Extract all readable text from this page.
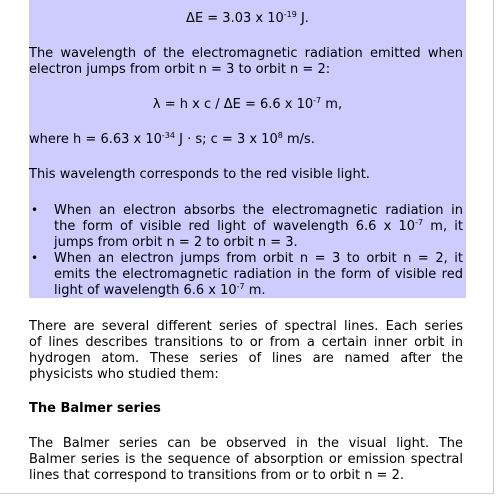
ΔE = 3.03 x $10^{-19}$ J.
The wavelength of the electromagnetic radiation emitted when
electron jumps from orbit n = 3 to orbit n = 2:
λ = h x c / ΔE = 6.6 x $10^{-7}$ m,
where h = 6.63 x $10^{-34}$ J · s; c = 3 x $10^8$ m/s.
This wavelength corresponds to the red visible light.
• When an electron absorbs the electromagnetic radiation in
the form of visible red light of wavelength 6.6 x $10^{-7}$ m, it
jumps from orbit n = 2 to orbit n = 3.
• When an electron jumps from orbit n = 3 to orbit n = 2, it
emits the electromagnetic radiation in the form of visible red
light of wavelength 6.6 x $10^{-7}$ m.
There are several different series of spectral lines. Each series
of lines describes transitions to or from a certain inner orbit in
hydrogen atom. These series of lines are named after the
physicists who studied them:
The Balmer series
The Balmer series can be observed in the visual light. The
Balmer series is the sequence of absorption or emission spectral
lines that correspond to transitions from or to orbit n = 2.
